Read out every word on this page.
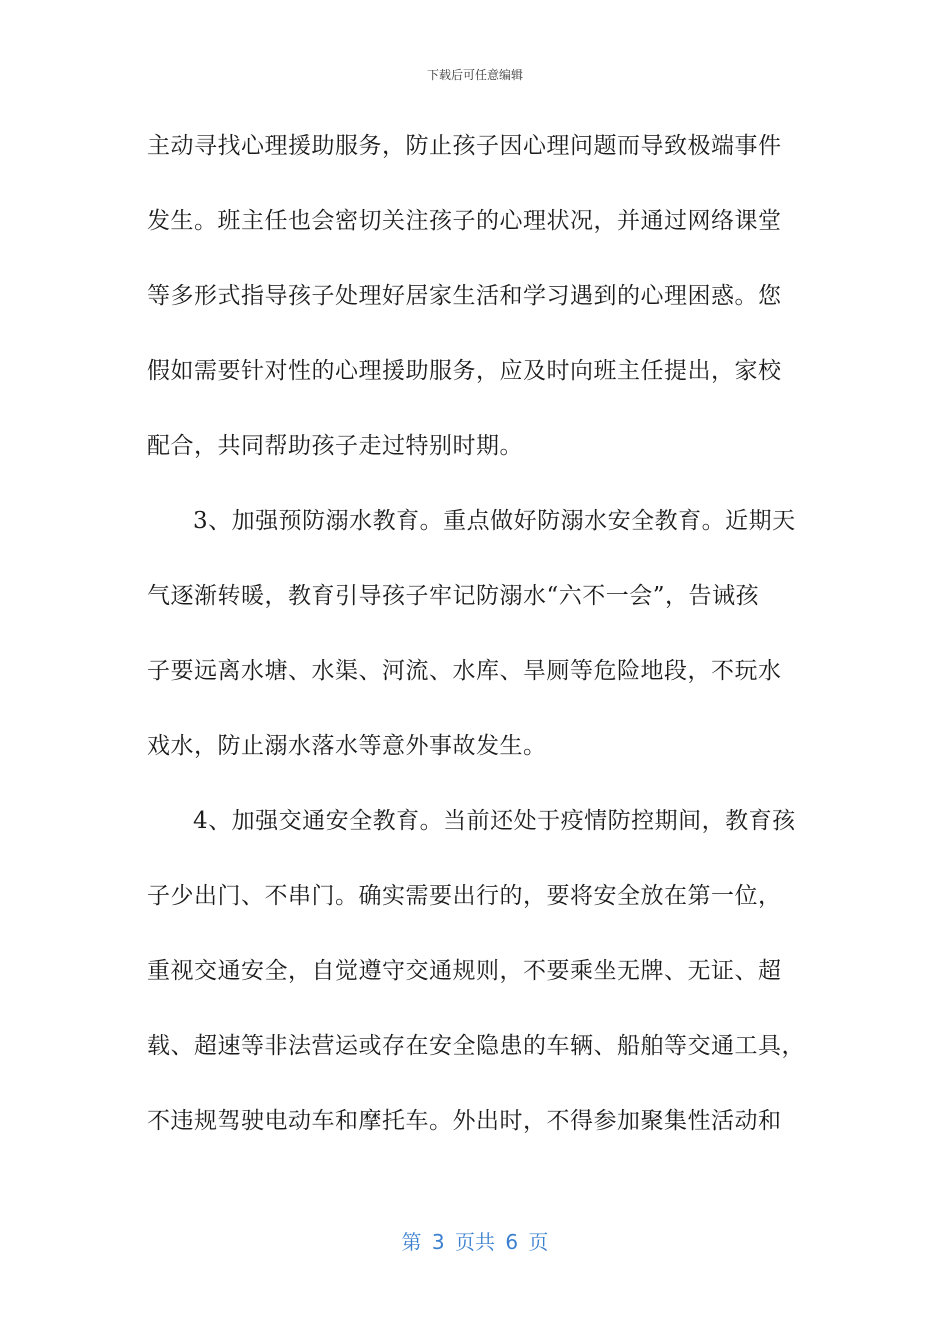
下载后可任意编辑
主动寻找心理援助服务，防止孩子因心理问题而导致极端事件
发生。班主任也会密切关注孩子的心理状况，并通过网络课堂
等多形式指导孩子处理好居家生活和学习遇到的心理困惑。您
假如需要针对性的心理援助服务，应及时向班主任提出，家校
配合，共同帮助孩子走过特别时期。
3、加强预防溺水教育。重点做好防溺水安全教育。近期天
气逐渐转暖，教育引导孩子牢记防溺水“六不一会”，告诫孩
子要远离水塘、水渠、河流、水库、旱厕等危险地段，不玩水
戏水，防止溺水落水等意外事故发生。
4、加强交通安全教育。当前还处于疫情防控期间，教育孩
子少出门、不串门。确实需要出行的，要将安全放在第一位，
重视交通安全，自觉遵守交通规则，不要乘坐无牌、无证、超
载、超速等非法营运或存在安全隐患的车辆、船舶等交通工具，
不违规驾驶电动车和摩托车。外出时，不得参加聚集性活动和
第 3 页共 6 页
